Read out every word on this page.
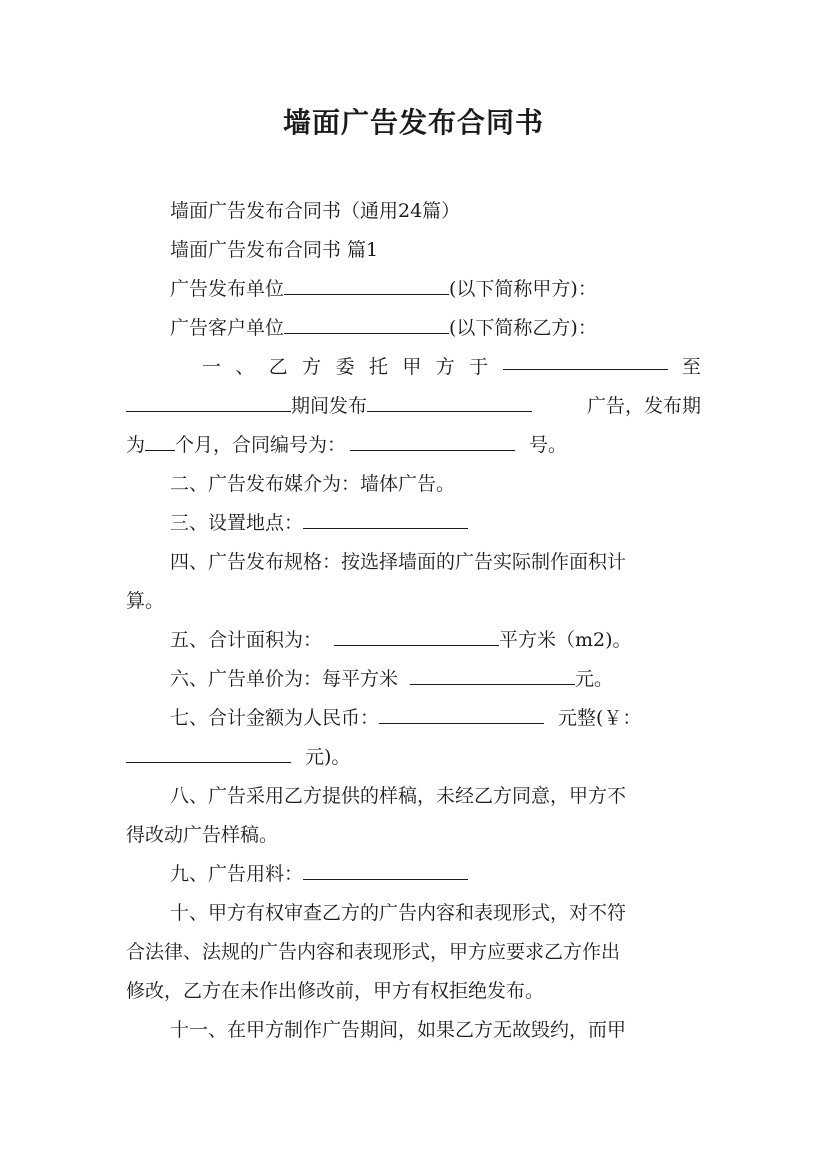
墙面广告发布合同书
墙面广告发布合同书（通用24篇）
墙面广告发布合同书 篇1
广告发布单位	(以下简称甲方)：
广告客户单位	(以下简称乙方)：
一 、 乙 方 委 托 甲 方 于	至
期间发布	广告，发布期
为 个月，合同编号为：	号。
二、广告发布媒介为：墙体广告。
三、设置地点：
四、广告发布规格：按选择墙面的广告实际制作面积计
算。
五、合计面积为：	平方米（m2)。
六、广告单价为：每平方米	元。
七、合计金额为人民币：	元整(￥：
元)。
八、广告采用乙方提供的样稿，未经乙方同意，甲方不
得改动广告样稿。
九、广告用料：
十、甲方有权审查乙方的广告内容和表现形式，对不符
合法律、法规的广告内容和表现形式，甲方应要求乙方作出
修改，乙方在未作出修改前，甲方有权拒绝发布。
十一、在甲方制作广告期间，如果乙方无故毁约，而甲
